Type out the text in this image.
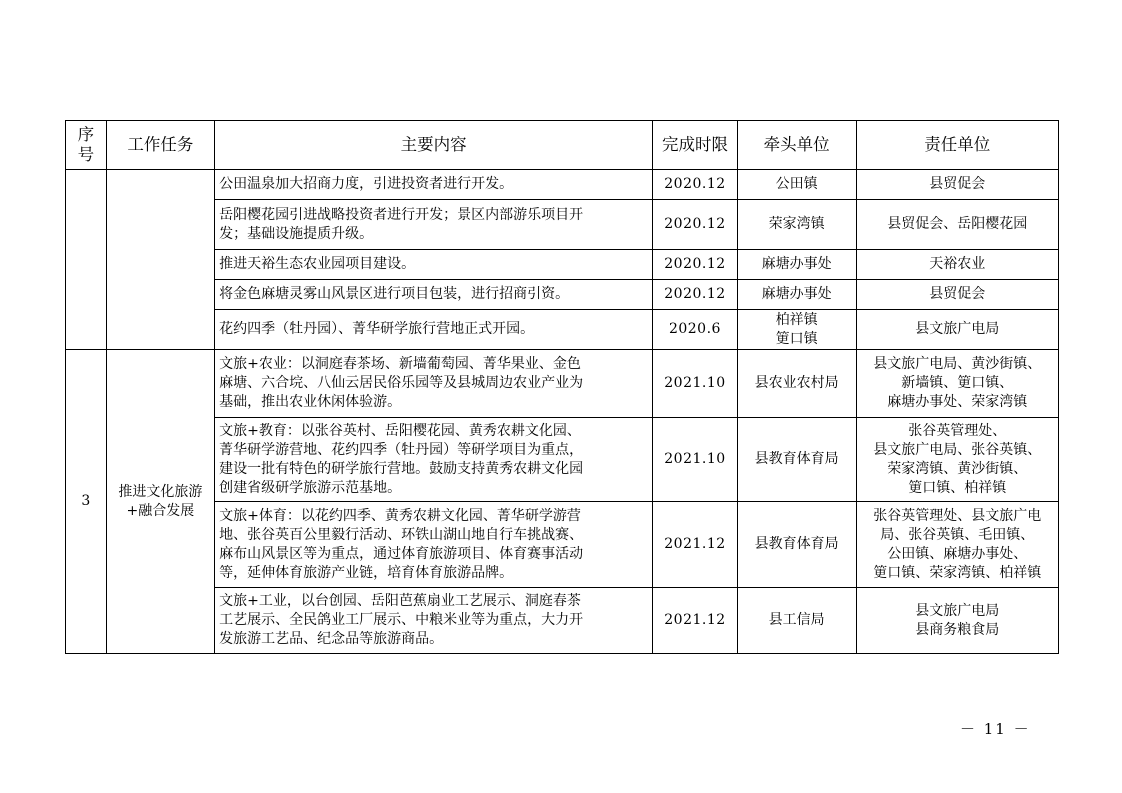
序
号	工作任务	主要内容	完成时限	牵头单位	责任单位

		公田温泉加大招商力度，引进投资者进行开发。	2020.12	公田镇	县贸促会

		岳阳樱花园引进战略投资者进行开发；景区内部游乐项目开
发；基础设施提质升级。	2020.12	荣家湾镇	县贸促会、岳阳樱花园

		推进天裕生态农业园项目建设。	2020.12	麻塘办事处	天裕农业

		将金色麻塘灵雾山风景区进行项目包装，进行招商引资。	2020.12	麻塘办事处	县贸促会

		花约四季（牡丹园）、菁华研学旅行营地正式开园。	2020.6	柏祥镇
筻口镇	县文旅广电局

3	推进文化旅游
+融合发展	文旅+农业：以洞庭春茶场、新墙葡萄园、菁华果业、金色
麻塘、六合垸、八仙云居民俗乐园等及县城周边农业产业为
基础，推出农业休闲体验游。	2021.10	县农业农村局	县文旅广电局、黄沙街镇、
新墙镇、筻口镇、
麻塘办事处、荣家湾镇

		文旅+教育：以张谷英村、岳阳樱花园、黄秀农耕文化园、
菁华研学游营地、花约四季（牡丹园）等研学项目为重点，
建设一批有特色的研学旅行营地。鼓励支持黄秀农耕文化园
创建省级研学旅游示范基地。	2021.10	县教育体育局	张谷英管理处、
县文旅广电局、张谷英镇、
荣家湾镇、黄沙街镇、
筻口镇、柏祥镇

		文旅+体育：以花约四季、黄秀农耕文化园、菁华研学游营
地、张谷英百公里毅行活动、环铁山湖山地自行车挑战赛、
麻布山风景区等为重点，通过体育旅游项目、体育赛事活动
等，延伸体育旅游产业链，培育体育旅游品牌。	2021.12	县教育体育局	张谷英管理处、县文旅广电
局、张谷英镇、毛田镇、
公田镇、麻塘办事处、
筻口镇、荣家湾镇、柏祥镇

		文旅+工业，以台创园、岳阳芭蕉扇业工艺展示、洞庭春茶
工艺展示、全民鸽业工厂展示、中粮米业等为重点，大力开
发旅游工艺品、纪念品等旅游商品。	2021.12	县工信局	县文旅广电局
县商务粮食局
－ 11 －
